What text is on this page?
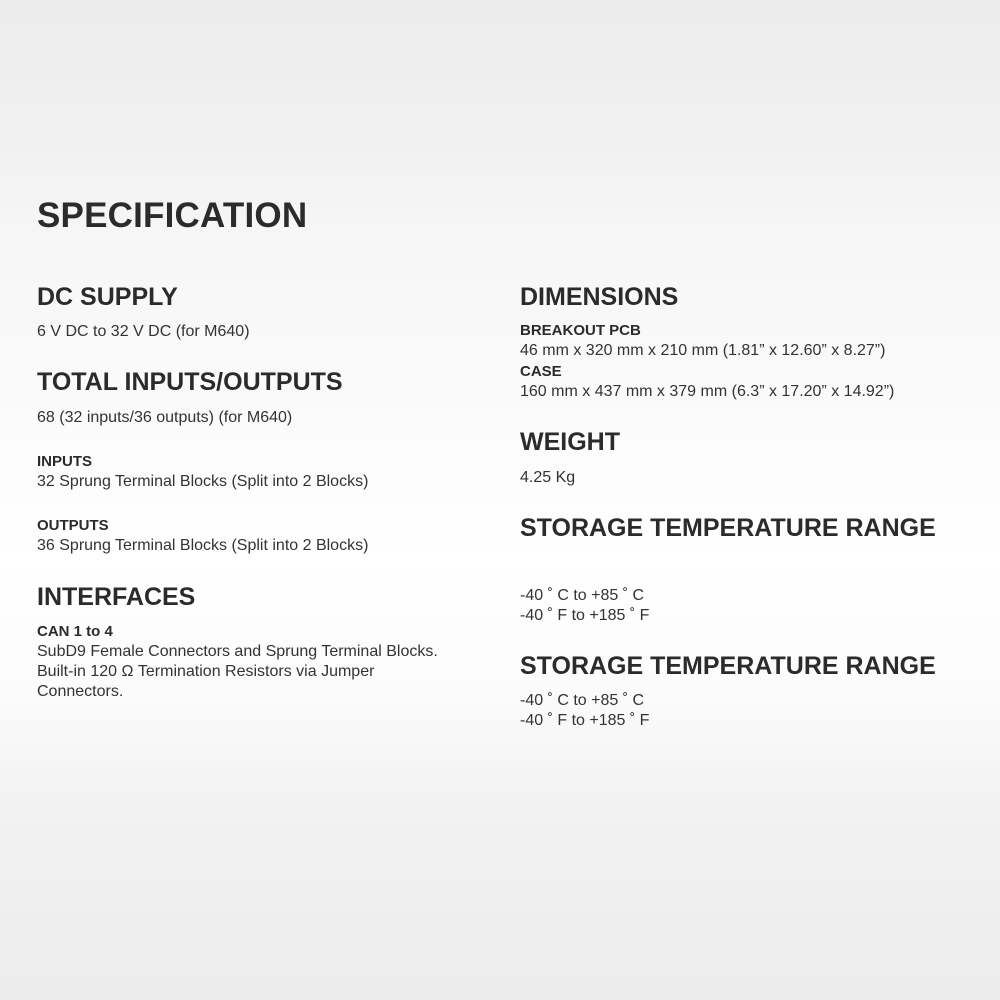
SPECIFICATION
DC SUPPLY

6 V DC to 32 V DC (for M640)

TOTAL INPUTS/OUTPUTS

68 (32 inputs/36 outputs) (for M640)

INPUTS

32 Sprung Terminal Blocks (Split into 2 Blocks)

OUTPUTS

36 Sprung Terminal Blocks (Split into 2 Blocks)

INTERFACES
CAN 1 to 4

SubD9 Female Connectors and Sprung Terminal Blocks.
Built-in 120 Ω Termination Resistors via Jumper
Connectors.

DIMENSIONS
BREAKOUT PCB

46 mm x 320 mm x 210 mm (1.81” x 12.60” x 8.27”)

CASE

160 mm x 437 mm x 379 mm (6.3” x 17.20” x 14.92”)

WEIGHT

4.25 Kg

STORAGE TEMPERATURE RANGE

-40 ˚ C to +85 ˚ C
-40 ˚ F to +185 ˚ F

STORAGE TEMPERATURE RANGE

-40 ˚ C to +85 ˚ C
-40 ˚ F to +185 ˚ F
